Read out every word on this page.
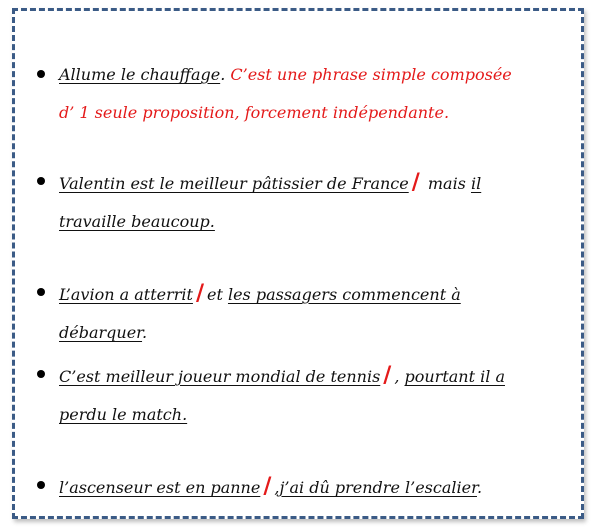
Allume le chauffage. C’est une phrase simple composée d’ 1 seule proposition, forcement indépendante.
Valentin est le meilleur pâtissier de France / mais il travaille beaucoup.
L’avion a atterrit / et les passagers commencent à débarquer.
C’est meilleur joueur mondial de tennis / , pourtant il a perdu le match.
l’ascenseur est en panne / ,j’ai dû prendre l’escalier.
